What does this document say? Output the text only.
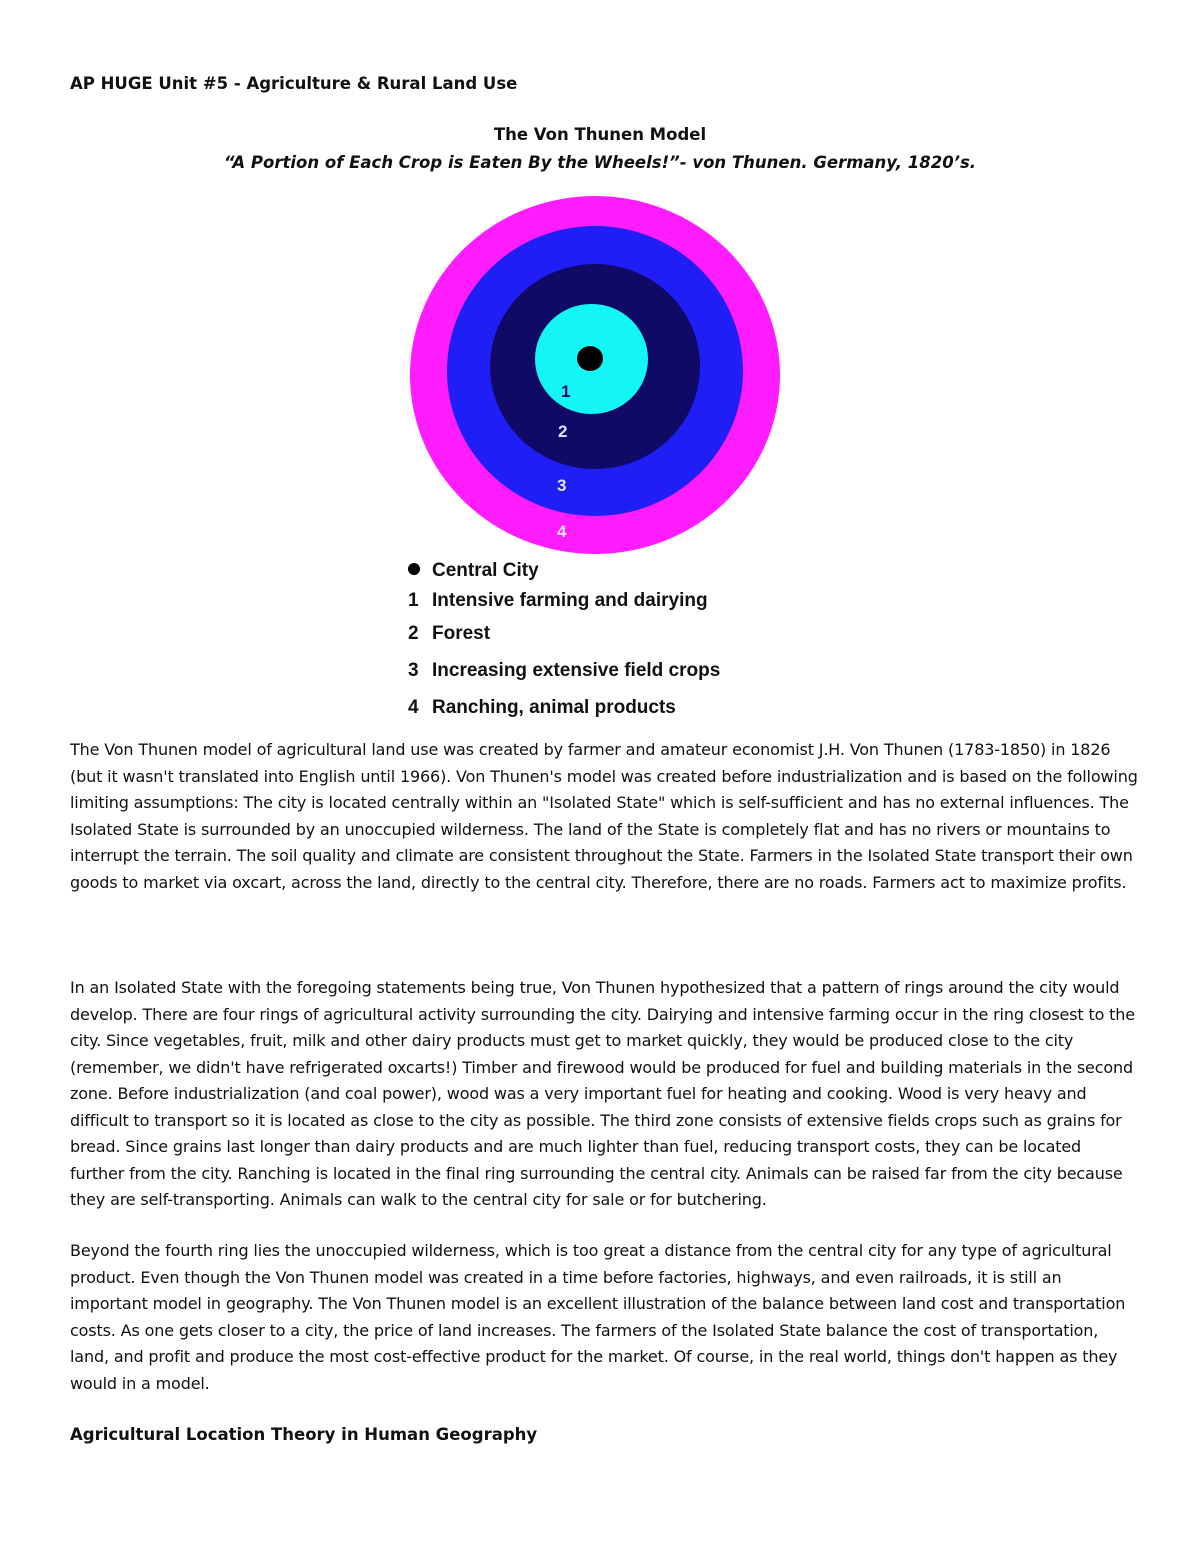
AP HUGE Unit #5 - Agriculture & Rural Land Use
The Von Thunen Model
“A Portion of Each Crop is Eaten By the Wheels!”- von Thunen. Germany, 1820’s.
1
2
3
4
Central City
1 Intensive farming and dairying
2 Forest
3 Increasing extensive field crops
4 Ranching, animal products

The Von Thunen model of agricultural land use was created by farmer and amateur economist J.H. Von Thunen (1783-1850) in 1826 (but it wasn't translated into English until 1966). Von Thunen's model was created before industrialization and is based on the following limiting assumptions: The city is located centrally within an "Isolated State" which is self-sufficient and has no external influences. The Isolated State is surrounded by an unoccupied wilderness. The land of the State is completely flat and has no rivers or mountains to interrupt the terrain. The soil quality and climate are consistent throughout the State. Farmers in the Isolated State transport their own goods to market via oxcart, across the land, directly to the central city. Therefore, there are no roads. Farmers act to maximize profits.

In an Isolated State with the foregoing statements being true, Von Thunen hypothesized that a pattern of rings around the city would develop. There are four rings of agricultural activity surrounding the city. Dairying and intensive farming occur in the ring closest to the city. Since vegetables, fruit, milk and other dairy products must get to market quickly, they would be produced close to the city (remember, we didn't have refrigerated oxcarts!) Timber and firewood would be produced for fuel and building materials in the second zone. Before industrialization (and coal power), wood was a very important fuel for heating and cooking. Wood is very heavy and difficult to transport so it is located as close to the city as possible. The third zone consists of extensive fields crops such as grains for bread. Since grains last longer than dairy products and are much lighter than fuel, reducing transport costs, they can be located further from the city. Ranching is located in the final ring surrounding the central city. Animals can be raised far from the city because they are self-transporting. Animals can walk to the central city for sale or for butchering.

Beyond the fourth ring lies the unoccupied wilderness, which is too great a distance from the central city for any type of agricultural product. Even though the Von Thunen model was created in a time before factories, highways, and even railroads, it is still an important model in geography. The Von Thunen model is an excellent illustration of the balance between land cost and transportation costs. As one gets closer to a city, the price of land increases. The farmers of the Isolated State balance the cost of transportation, land, and profit and produce the most cost-effective product for the market. Of course, in the real world, things don't happen as they would in a model.

Agricultural Location Theory in Human Geography
